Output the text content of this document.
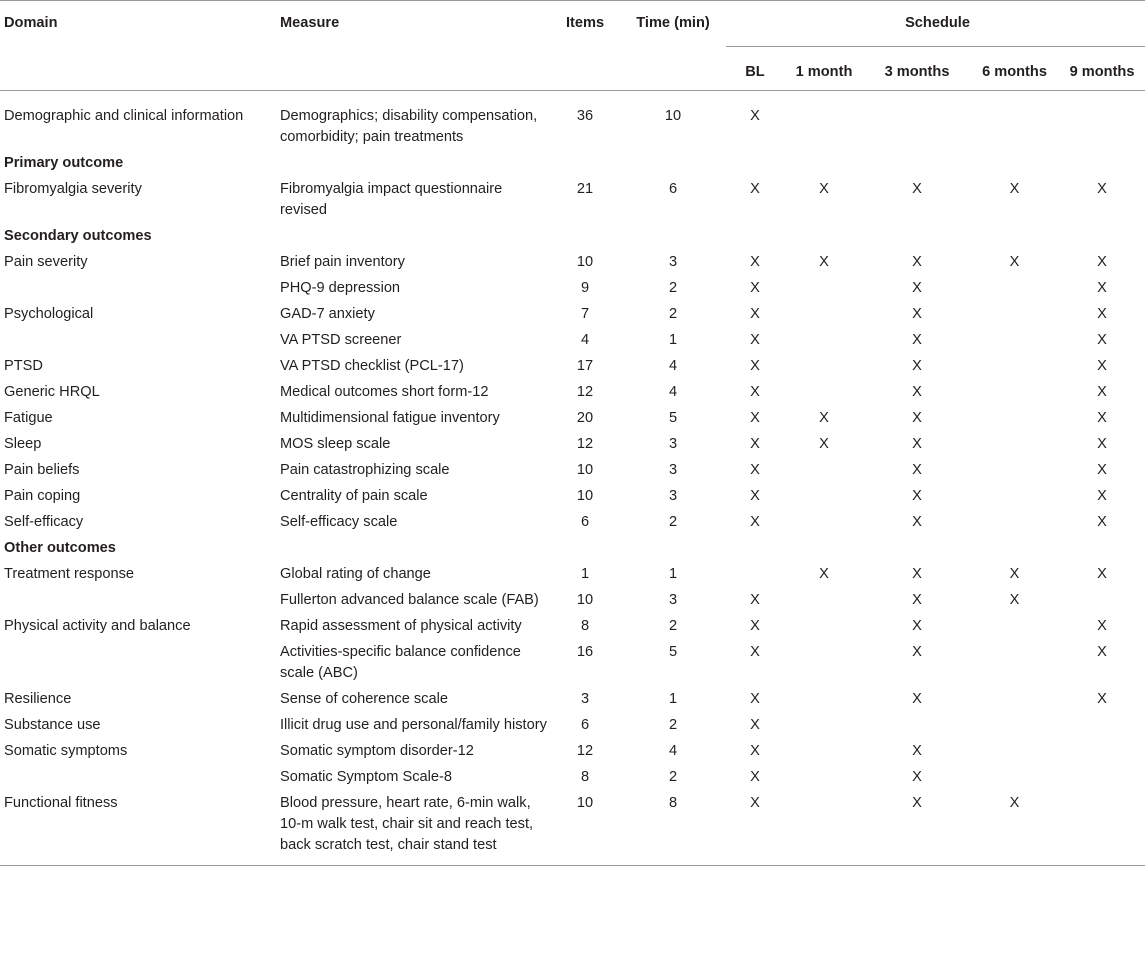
Domain	Measure	Items	Time (min)	Schedule				
				BL	1 month	3 months	6 months	9 months
Demographic and clinical information	Demographics; disability compensation, comorbidity; pain treatments	36	10	X				
Primary outcome								
Fibromyalgia severity	Fibromyalgia impact questionnaire revised	21	6	X	X	X	X	X
Secondary outcomes								
Pain severity	Brief pain inventory	10	3	X	X	X	X	X
	PHQ-9 depression	9	2	X		X		X
Psychological	GAD-7 anxiety	7	2	X		X		X
	VA PTSD screener	4	1	X		X		X
PTSD	VA PTSD checklist (PCL-17)	17	4	X		X		X
Generic HRQL	Medical outcomes short form-12	12	4	X		X		X
Fatigue	Multidimensional fatigue inventory	20	5	X	X	X		X
Sleep	MOS sleep scale	12	3	X	X	X		X
Pain beliefs	Pain catastrophizing scale	10	3	X		X		X
Pain coping	Centrality of pain scale	10	3	X		X		X
Self-efficacy	Self-efficacy scale	6	2	X		X		X
Other outcomes								
Treatment response	Global rating of change	1	1		X	X	X	X
	Fullerton advanced balance scale (FAB)	10	3	X		X	X	
Physical activity and balance	Rapid assessment of physical activity	8	2	X		X		X
	Activities-specific balance confidence scale (ABC)	16	5	X		X		X
Resilience	Sense of coherence scale	3	1	X		X		X
Substance use	Illicit drug use and personal/family history	6	2	X				
Somatic symptoms	Somatic symptom disorder-12	12	4	X		X		
	Somatic Symptom Scale-8	8	2	X		X		
Functional fitness	Blood pressure, heart rate, 6-min walk, 10-m walk test, chair sit and reach test, back scratch test, chair stand test	10	8	X		X	X	
